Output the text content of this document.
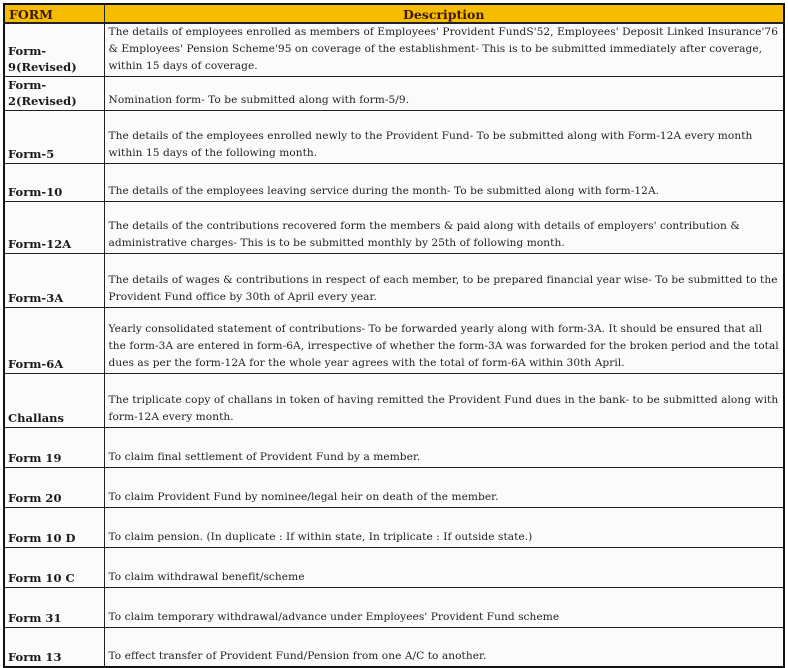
FORM	Description
Form-9(Revised)	The details of employees enrolled as members of Employees' Provident FundS'52, Employees' Deposit Linked Insurance'76 & Employees' Pension Scheme'95 on coverage of the establishment- This is to be submitted immediately after coverage, within 15 days of coverage.
Form-2(Revised)	Nomination form- To be submitted along with form-5/9.
Form-5	The details of the employees enrolled newly to the Provident Fund- To be submitted along with Form-12A every month within 15 days of the following month.
Form-10	The details of the employees leaving service during the month- To be submitted along with form-12A.
Form-12A	The details of the contributions recovered form the members & paid along with details of employers' contribution & administrative charges- This is to be submitted monthly by 25th of following month.
Form-3A	The details of wages & contributions in respect of each member, to be prepared financial year wise- To be submitted to the Provident Fund office by 30th of April every year.
Form-6A	Yearly consolidated statement of contributions- To be forwarded yearly along with form-3A. It should be ensured that all the form-3A are entered in form-6A, irrespective of whether the form-3A was forwarded for the broken period and the total dues as per the form-12A for the whole year agrees with the total of form-6A within 30th April.
Challans	The triplicate copy of challans in token of having remitted the Provident Fund dues in the bank- to be submitted along with form-12A every month.
Form 19	To claim final settlement of Provident Fund by a member.
Form 20	To claim Provident Fund by nominee/legal heir on death of the member.
Form 10 D	To claim pension. (In duplicate : If within state, In triplicate : If outside state.)
Form 10 C	To claim withdrawal benefit/scheme
Form 31	To claim temporary withdrawal/advance under Employees' Provident Fund scheme
Form 13	To effect transfer of Provident Fund/Pension from one A/C to another.
